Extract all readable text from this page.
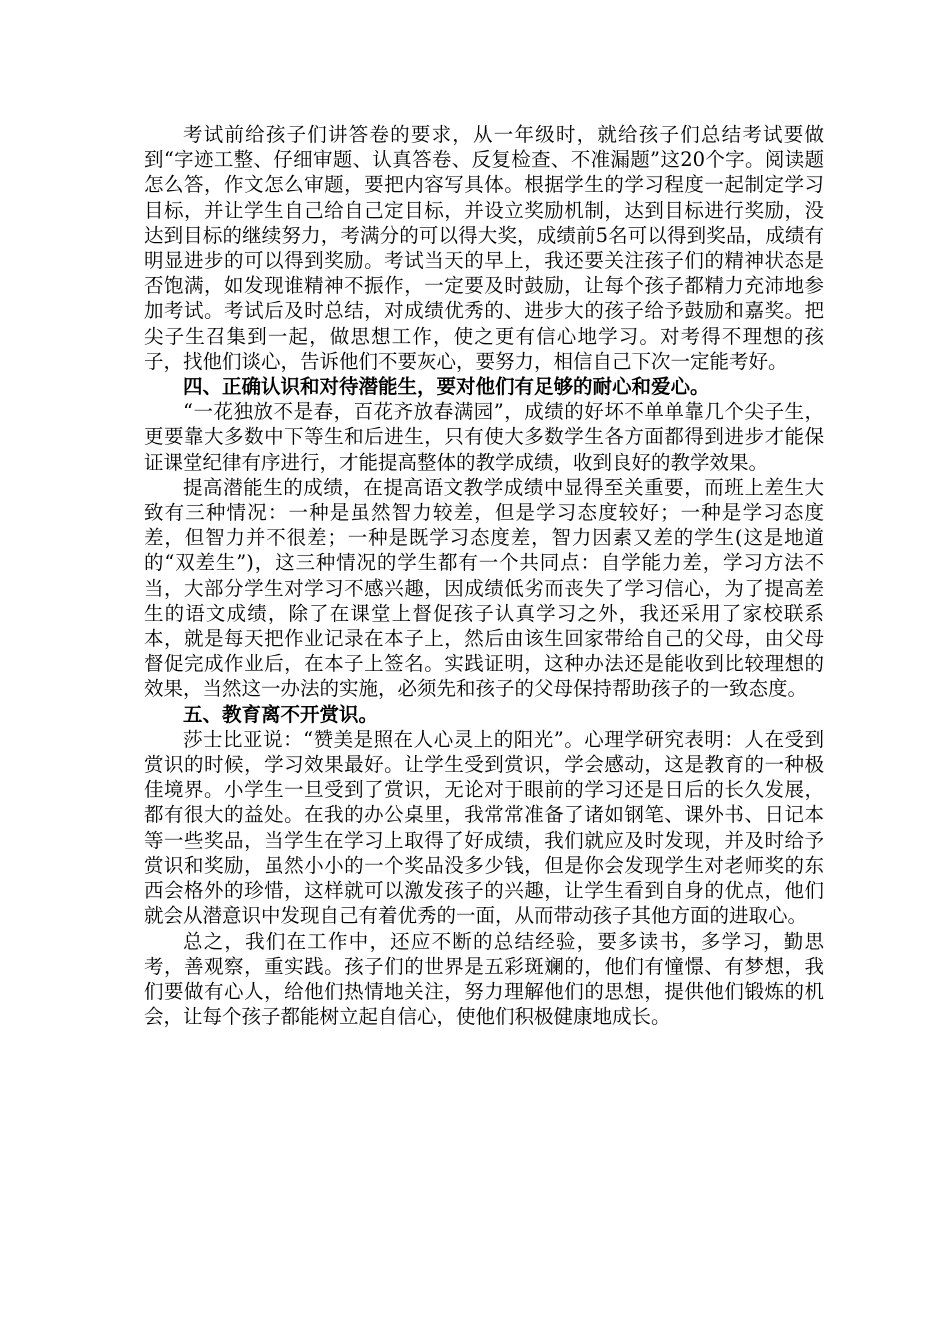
考试前给孩子们讲答卷的要求，从一年级时，就给孩子们总结考试要做到“字迹工整、仔细审题、认真答卷、反复检查、不准漏题”这20个字。阅读题怎么答，作文怎么审题，要把内容写具体。根据学生的学习程度一起制定学习目标，并让学生自己给自己定目标，并设立奖励机制，达到目标进行奖励，没达到目标的继续努力，考满分的可以得大奖，成绩前5名可以得到奖品，成绩有明显进步的可以得到奖励。考试当天的早上，我还要关注孩子们的精神状态是否饱满，如发现谁精神不振作，一定要及时鼓励，让每个孩子都精力充沛地参加考试。考试后及时总结，对成绩优秀的、进步大的孩子给予鼓励和嘉奖。把尖子生召集到一起，做思想工作，使之更有信心地学习。对考得不理想的孩子，找他们谈心，告诉他们不要灰心，要努力，相信自己下次一定能考好。

四、正确认识和对待潜能生，要对他们有足够的耐心和爱心。

“一花独放不是春，百花齐放春满园”，成绩的好坏不单单靠几个尖子生，更要靠大多数中下等生和后进生，只有使大多数学生各方面都得到进步才能保证课堂纪律有序进行，才能提高整体的教学成绩，收到良好的教学效果。

提高潜能生的成绩，在提高语文教学成绩中显得至关重要，而班上差生大致有三种情况：一种是虽然智力较差，但是学习态度较好；一种是学习态度差，但智力并不很差；一种是既学习态度差，智力因素又差的学生(这是地道的“双差生”)，这三种情况的学生都有一个共同点：自学能力差，学习方法不当，大部分学生对学习不感兴趣，因成绩低劣而丧失了学习信心，为了提高差生的语文成绩，除了在课堂上督促孩子认真学习之外，我还采用了家校联系本，就是每天把作业记录在本子上，然后由该生回家带给自己的父母，由父母督促完成作业后，在本子上签名。实践证明，这种办法还是能收到比较理想的效果，当然这一办法的实施，必须先和孩子的父母保持帮助孩子的一致态度。

五、教育离不开赏识。

莎士比亚说：“赞美是照在人心灵上的阳光”。心理学研究表明：人在受到赏识的时候，学习效果最好。让学生受到赏识，学会感动，这是教育的一种极佳境界。小学生一旦受到了赏识，无论对于眼前的学习还是日后的长久发展，都有很大的益处。在我的办公桌里，我常常准备了诸如钢笔、课外书、日记本等一些奖品，当学生在学习上取得了好成绩，我们就应及时发现，并及时给予赏识和奖励，虽然小小的一个奖品没多少钱，但是你会发现学生对老师奖的东西会格外的珍惜，这样就可以激发孩子的兴趣，让学生看到自身的优点，他们就会从潜意识中发现自己有着优秀的一面，从而带动孩子其他方面的进取心。

总之，我们在工作中，还应不断的总结经验，要多读书，多学习，勤思考，善观察，重实践。孩子们的世界是五彩斑斓的，他们有憧憬、有梦想，我们要做有心人，给他们热情地关注，努力理解他们的思想，提供他们锻炼的机会，让每个孩子都能树立起自信心，使他们积极健康地成长。
